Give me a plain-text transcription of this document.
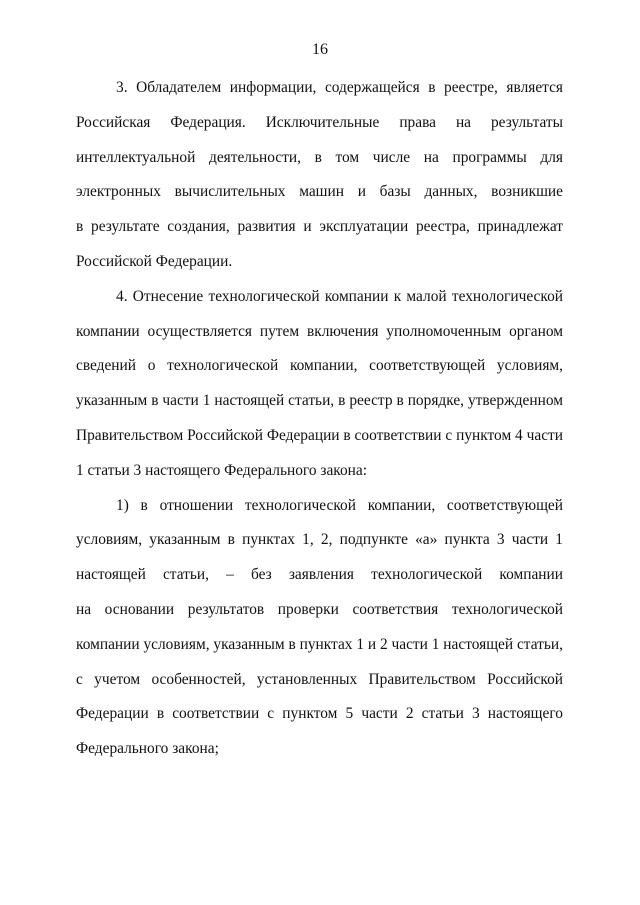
16
3. Обладателем информации, содержащейся в реестре, является
Российская Федерация. Исключительные права на результаты
интеллектуальной деятельности, в том числе на программы для
электронных вычислительных машин и базы данных, возникшие
в результате создания, развития и эксплуатации реестра, принадлежат
Российской Федерации.
4. Отнесение технологической компании к малой технологической
компании осуществляется путем включения уполномоченным органом
сведений о технологической компании, соответствующей условиям,
указанным в части 1 настоящей статьи, в реестр в порядке, утвержденном
Правительством Российской Федерации в соответствии с пунктом 4 части
1 статьи 3 настоящего Федерального закона:
1) в отношении технологической компании, соответствующей
условиям, указанным в пунктах 1, 2, подпункте «а» пункта 3 части 1
настоящей статьи, – без заявления технологической компании
на основании результатов проверки соответствия технологической
компании условиям, указанным в пунктах 1 и 2 части 1 настоящей статьи,
с учетом особенностей, установленных Правительством Российской
Федерации в соответствии с пунктом 5 части 2 статьи 3 настоящего
Федерального закона;
